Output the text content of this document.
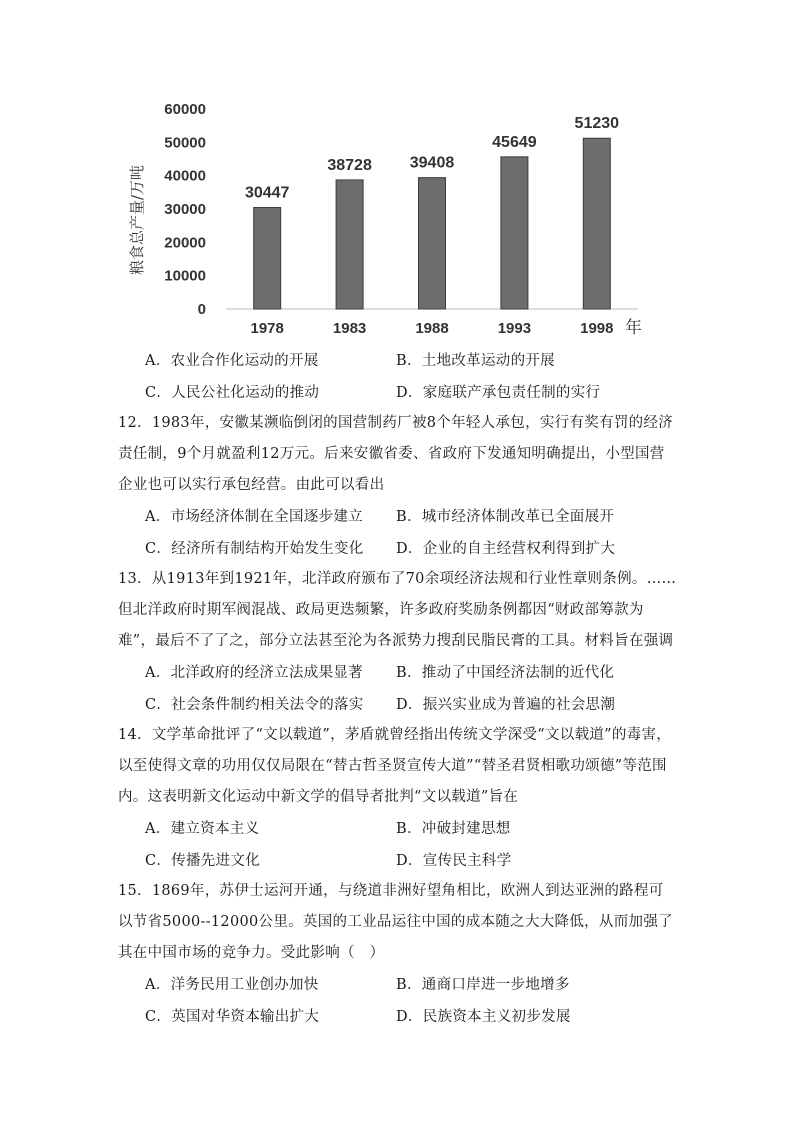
0
10000
20000
30000
40000
50000
60000
粮食总产量/万吨	30447
38728 39408
45649
51230
1978	1983	1988	1993	1998 年
A．农业合作化运动的开展	B．土地改革运动的开展
C．人民公社化运动的推动	D．家庭联产承包责任制的实行
12．1983年，安徽某濒临倒闭的国营制药厂被8个年轻人承包，实行有奖有罚的经济责任制，9个月就盈利12万元。后来安徽省委、省政府下发通知明确提出，小型国营企业也可以实行承包经营。由此可以看出
A．市场经济体制在全国逐步建立 B．城市经济体制改革已全面展开
C．经济所有制结构开始发生变化 D．企业的自主经营权利得到扩大
13．从1913年到1921年，北洋政府颁布了70余项经济法规和行业性章则条例。……但北洋政府时期军阀混战、政局更迭频繁，许多政府奖励条例都因“财政部筹款为难”，最后不了了之，部分立法甚至沦为各派势力搜刮民脂民膏的工具。材料旨在强调
A．北洋政府的经济立法成果显著 B．推动了中国经济法制的近代化
C．社会条件制约相关法令的落实 D．振兴实业成为普遍的社会思潮
14．文学革命批评了“文以载道”，茅盾就曾经指出传统文学深受“文以载道”的毒害，以至使得文章的功用仅仅局限在“替古哲圣贤宣传大道”“替圣君贤相歌功颂德”等范围内。这表明新文化运动中新文学的倡导者批判“文以载道”旨在
A．建立资本主义	B．冲破封建思想
C．传播先进文化	D．宣传民主科学
15．1869年，苏伊士运河开通，与绕道非洲好望角相比，欧洲人到达亚洲的路程可以节省5000--12000公里。英国的工业品运往中国的成本随之大大降低，从而加强了其在中国市场的竞争力。受此影响（　）
A．洋务民用工业创办加快	B．通商口岸进一步地增多
C．英国对华资本输出扩大	D．民族资本主义初步发展
